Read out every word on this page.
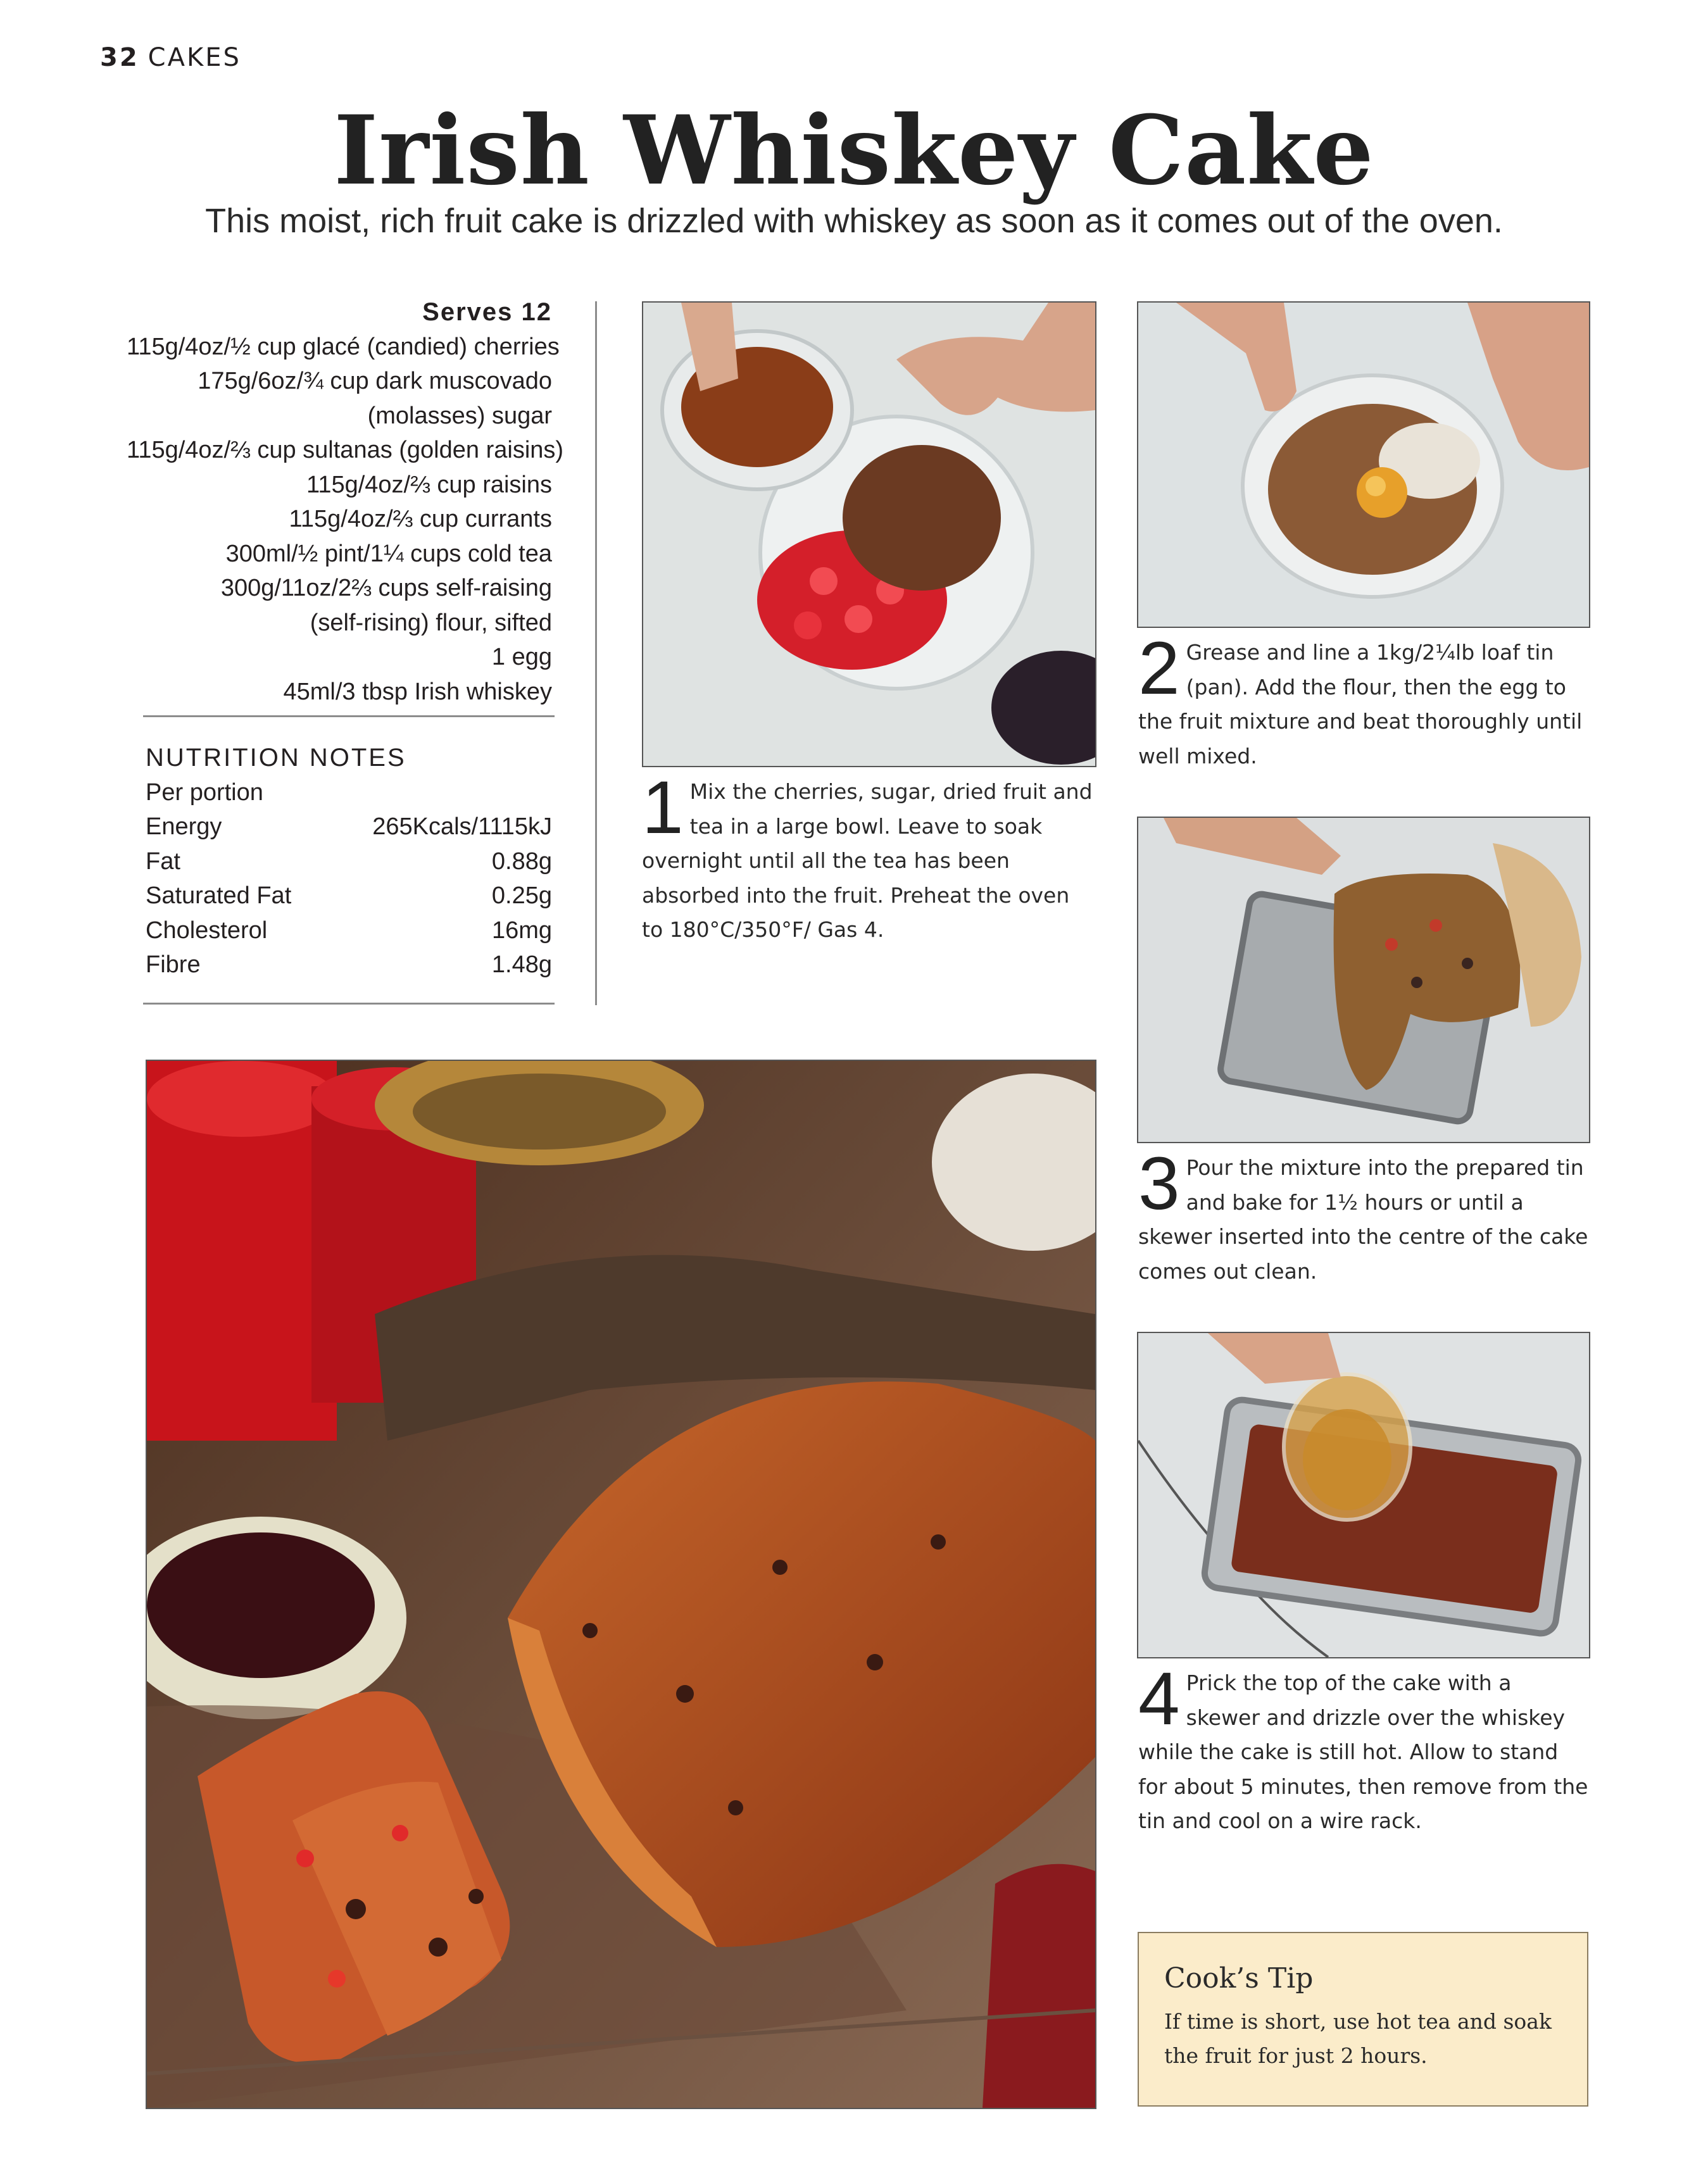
32 CAKES
Irish Whiskey Cake
This moist, rich fruit cake is drizzled with whiskey as soon as it comes out of the oven.
Serves 12
115g/4oz/½ cup glacé (candied) cherries
175g/6oz/¾ cup dark muscovado
(molasses) sugar
115g/4oz/⅔ cup sultanas (golden raisins)
115g/4oz/⅔ cup raisins
115g/4oz/⅔ cup currants
300ml/½ pint/1¼ cups cold tea
300g/11oz/2⅔ cups self-raising
(self-rising) flour, sifted
1 egg
45ml/3 tbsp Irish whiskey
NUTRITION NOTES
Per portion
Energy	265Kcals/1115kJ
Fat	0.88g
Saturated Fat	0.25g
Cholesterol	16mg
Fibre	1.48g
1 Mix the cherries, sugar, dried fruit and tea in a large bowl. Leave to soak overnight until all the tea has been absorbed into the fruit. Preheat the oven to 180°C/350°F/ Gas 4.
2 Grease and line a 1kg/2¼lb loaf tin (pan). Add the flour, then the egg to the fruit mixture and beat thoroughly until well mixed.
3 Pour the mixture into the prepared tin and bake for 1½ hours or until a skewer inserted into the centre of the cake comes out clean.
4 Prick the top of the cake with a skewer and drizzle over the whiskey while the cake is still hot. Allow to stand for about 5 minutes, then remove from the tin and cool on a wire rack.
Cook’s Tip
If time is short, use hot tea and soak the fruit for just 2 hours.
